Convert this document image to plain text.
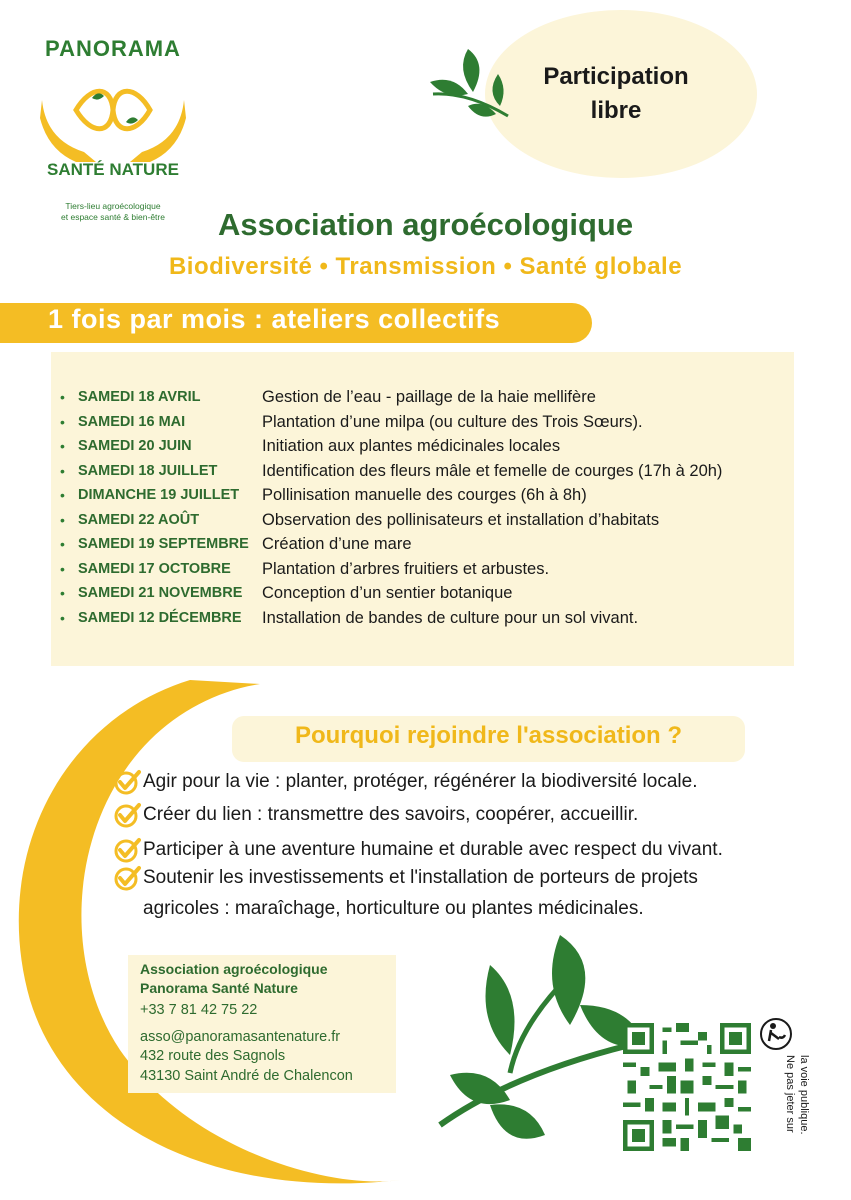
PANORAMA
SANTÉ NATURE
Tiers-lieu agroécologique
et espace santé & bien-être
Participation
libre
Association agroécologique
Biodiversité • Transmission • Santé globale
1 fois par mois : ateliers collectifs
• SAMEDI 18 AVRIL	Gestion de l’eau - paillage de la haie mellifère
• SAMEDI 16 MAI	Plantation d’une milpa (ou culture des Trois Sœurs).
• SAMEDI 20 JUIN	Initiation aux plantes médicinales locales
• SAMEDI 18 JUILLET	Identification des fleurs mâle et femelle de courges (17h à 20h)
• DIMANCHE 19 JUILLET Pollinisation manuelle des courges (6h à 8h)
• SAMEDI 22 AOÛT	Observation des pollinisateurs et installation d’habitats
• SAMEDI 19 SEPTEMBRE Création d’une mare
• SAMEDI 17 OCTOBRE Plantation d’arbres fruitiers et arbustes.
• SAMEDI 21 NOVEMBRE Conception d’un sentier botanique
• SAMEDI 12 DÉCEMBRE Installation de bandes de culture pour un sol vivant.
Pourquoi rejoindre l'association ?
Agir pour la vie : planter, protéger, régénérer la biodiversité locale.
Créer du lien : transmettre des savoirs, coopérer, accueillir.
Participer à une aventure humaine et durable avec respect du vivant.
Soutenir les investissements et l'installation de porteurs de projets
agricoles : maraîchage, horticulture ou plantes médicinales.
Association agroécologique
Panorama Santé Nature
+33 7 81 42 75 22
asso@panoramasantenature.fr
432 route des Sagnols
43130 Saint André de Chalencon	Ne pas jeter sur la voie publique.
